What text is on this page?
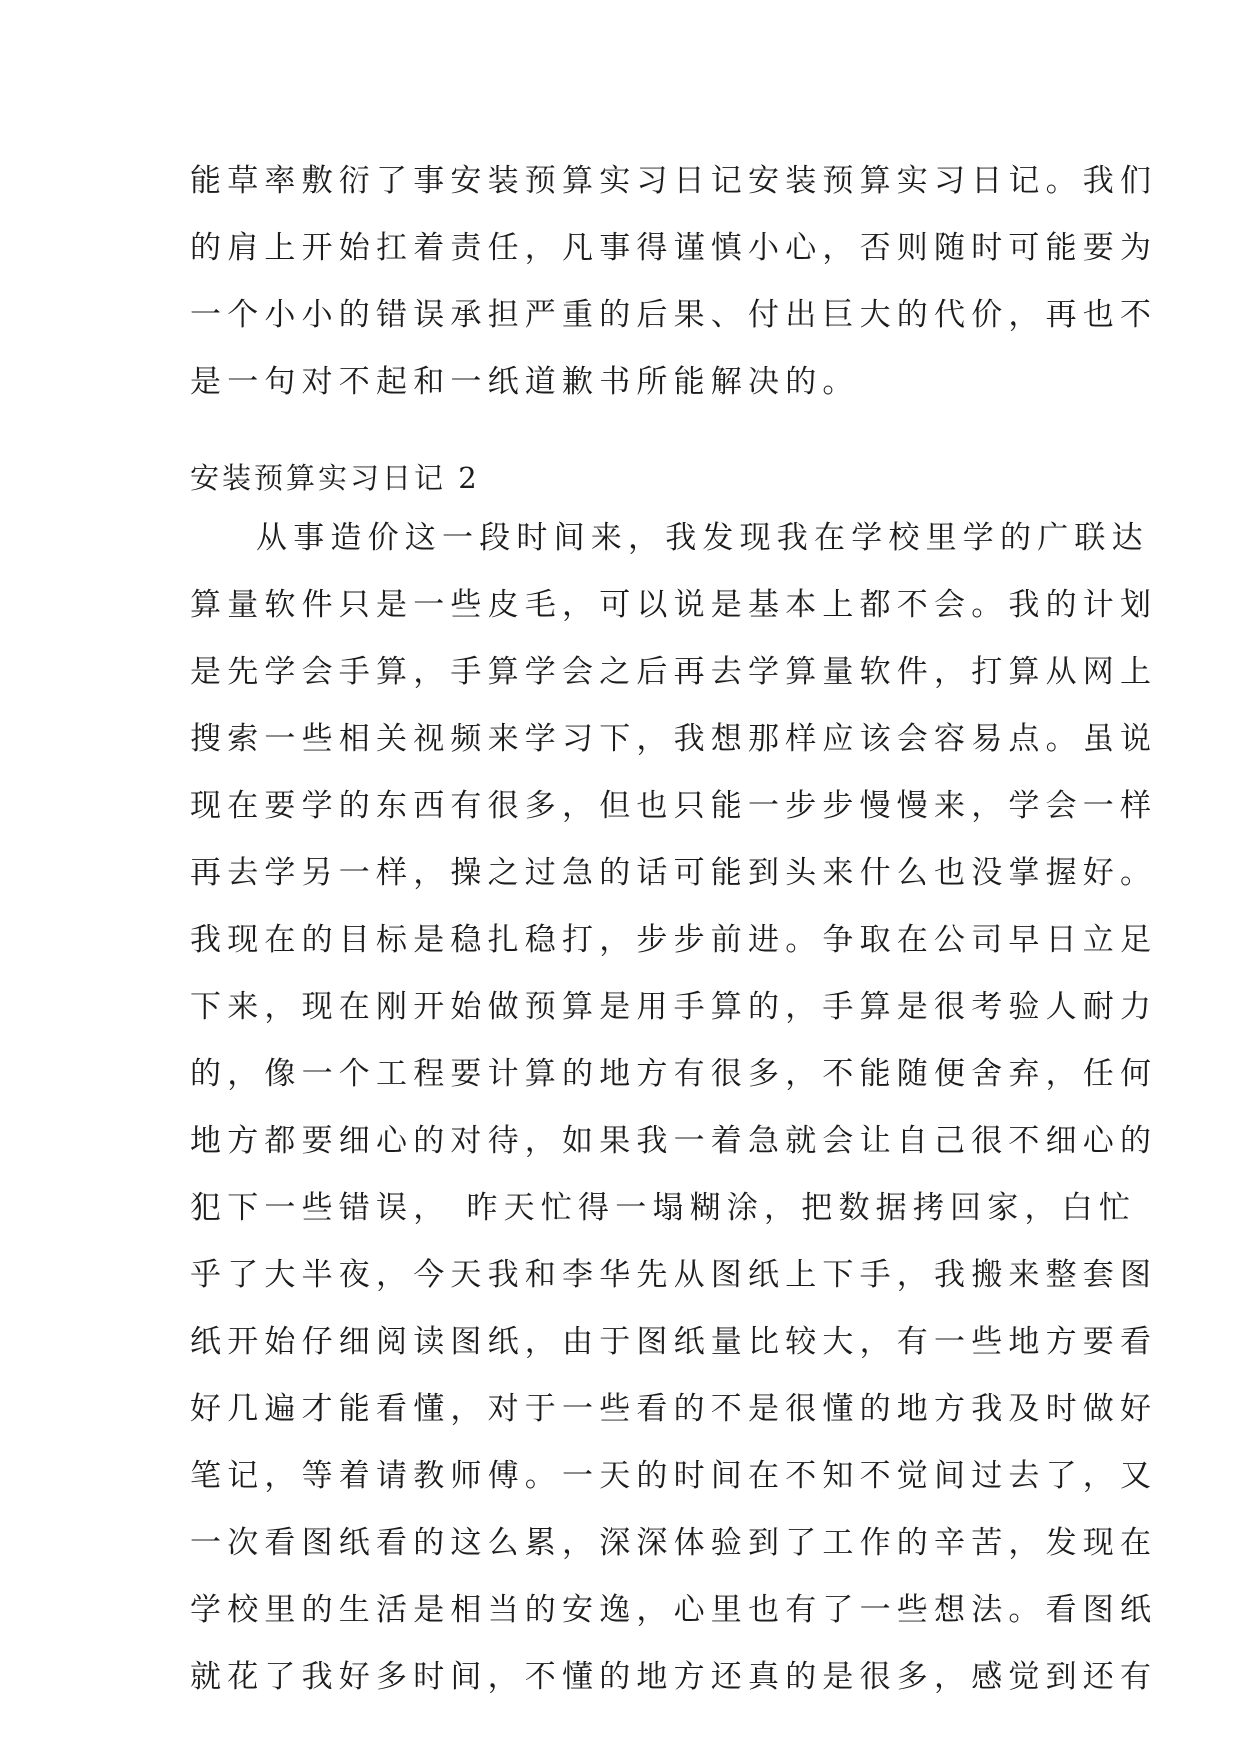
能草率敷衍了事安装预算实习日记安装预算实习日记。我们
的肩上开始扛着责任，凡事得谨慎小心，否则随时可能要为
一个小小的错误承担严重的后果、付出巨大的代价，再也不
是一句对不起和一纸道歉书所能解决的。
安装预算实习日记 2
从事造价这一段时间来，我发现我在学校里学的广联达
算量软件只是一些皮毛，可以说是基本上都不会。我的计划
是先学会手算，手算学会之后再去学算量软件，打算从网上
搜索一些相关视频来学习下，我想那样应该会容易点。虽说
现在要学的东西有很多，但也只能一步步慢慢来，学会一样
再去学另一样，操之过急的话可能到头来什么也没掌握好。
我现在的目标是稳扎稳打，步步前进。争取在公司早日立足
下来，现在刚开始做预算是用手算的，手算是很考验人耐力
的，像一个工程要计算的地方有很多，不能随便舍弃，任何
地方都要细心的对待，如果我一着急就会让自己很不细心的
犯下一些错误， 昨天忙得一塌糊涂，把数据拷回家，白忙
乎了大半夜，今天我和李华先从图纸上下手，我搬来整套图
纸开始仔细阅读图纸，由于图纸量比较大，有一些地方要看
好几遍才能看懂，对于一些看的不是很懂的地方我及时做好
笔记，等着请教师傅。一天的时间在不知不觉间过去了，又
一次看图纸看的这么累，深深体验到了工作的辛苦，发现在
学校里的生活是相当的安逸，心里也有了一些想法。看图纸
就花了我好多时间，不懂的地方还真的是很多，感觉到还有
